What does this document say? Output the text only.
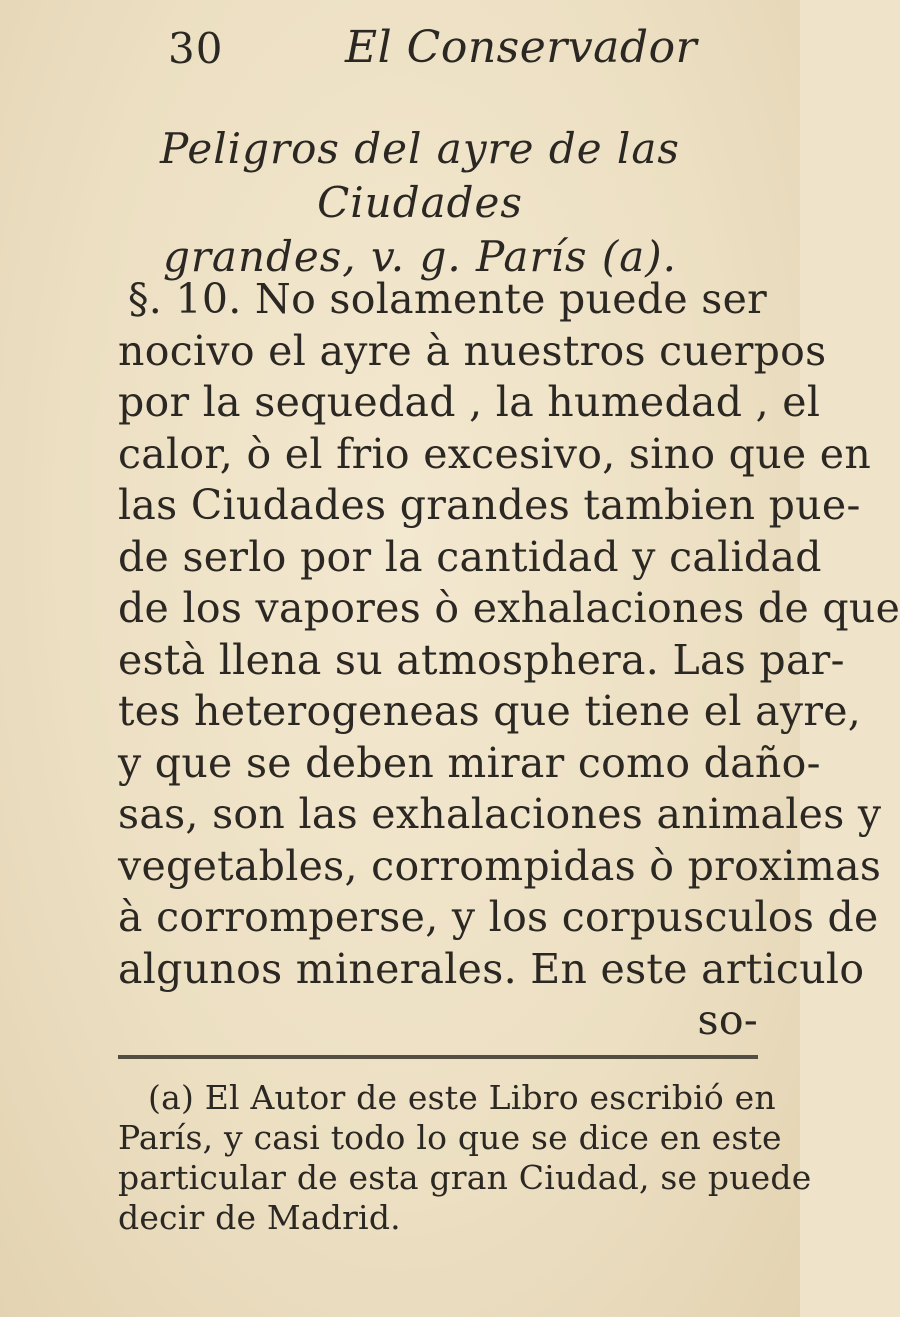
30	El Conservador
Peligros del ayre de las Ciudades
grandes, v. g. París (a).
§. 10. No solamente puede ser
nocivo el ayre à nuestros cuerpos
por la sequedad , la humedad , el
calor, ò el frio excesivo, sino que en
las Ciudades grandes tambien pue-
de serlo por la cantidad y calidad
de los vapores ò exhalaciones de que
està llena su atmosphera. Las par-
tes heterogeneas que tiene el ayre,
y que se deben mirar como daño-
sas, son las exhalaciones animales y
vegetables, corrompidas ò proximas
à corromperse, y los corpusculos de
algunos minerales. En este articulo
so-
(a) El Autor de este Libro escribió en
París, y casi todo lo que se dice en este
particular de esta gran Ciudad, se puede
decir de Madrid.
